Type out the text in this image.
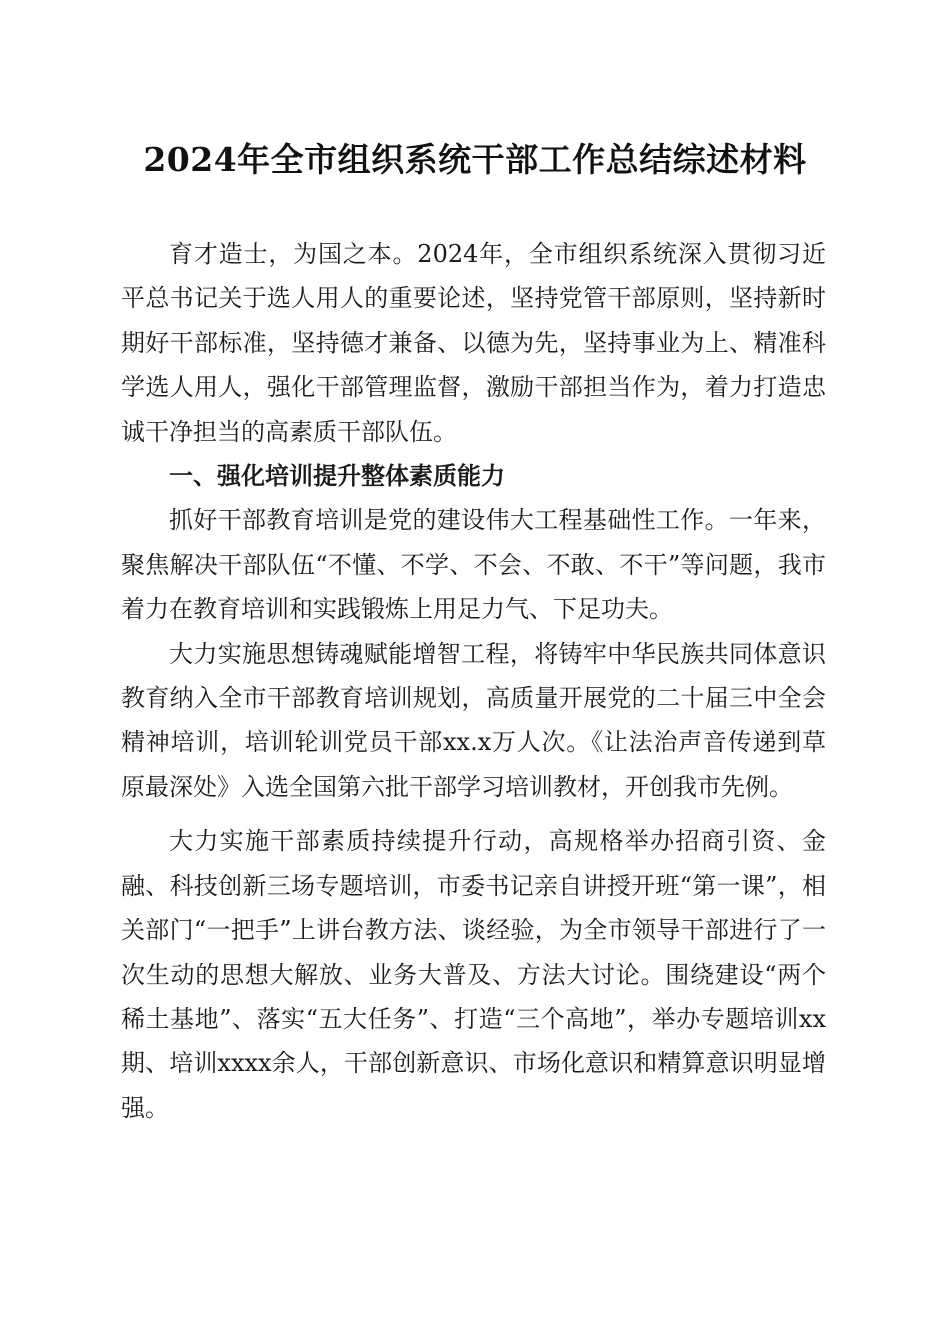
2024年全市组织系统干部工作总结综述材料

育才造士，为国之本。2024年，全市组织系统深入贯彻习近平总书记关于选人用人的重要论述，坚持党管干部原则，坚持新时期好干部标准，坚持德才兼备、以德为先，坚持事业为上、精准科学选人用人，强化干部管理监督，激励干部担当作为，着力打造忠诚干净担当的高素质干部队伍。

一、强化培训提升整体素质能力

抓好干部教育培训是党的建设伟大工程基础性工作。一年来，聚焦解决干部队伍“不懂、不学、不会、不敢、不干”等问题，我市着力在教育培训和实践锻炼上用足力气、下足功夫。

大力实施思想铸魂赋能增智工程，将铸牢中华民族共同体意识教育纳入全市干部教育培训规划，高质量开展党的二十届三中全会精神培训，培训轮训党员干部xx.x万人次。《让法治声音传递到草原最深处》入选全国第六批干部学习培训教材，开创我市先例。

大力实施干部素质持续提升行动，高规格举办招商引资、金融、科技创新三场专题培训，市委书记亲自讲授开班“第一课”，相关部门“一把手”上讲台教方法、谈经验，为全市领导干部进行了一次生动的思想大解放、业务大普及、方法大讨论。围绕建设“两个稀土基地”、落实“五大任务”、打造“三个高地”，举办专题培训xx期、培训xxxx余人，干部创新意识、市场化意识和精算意识明显增强。
